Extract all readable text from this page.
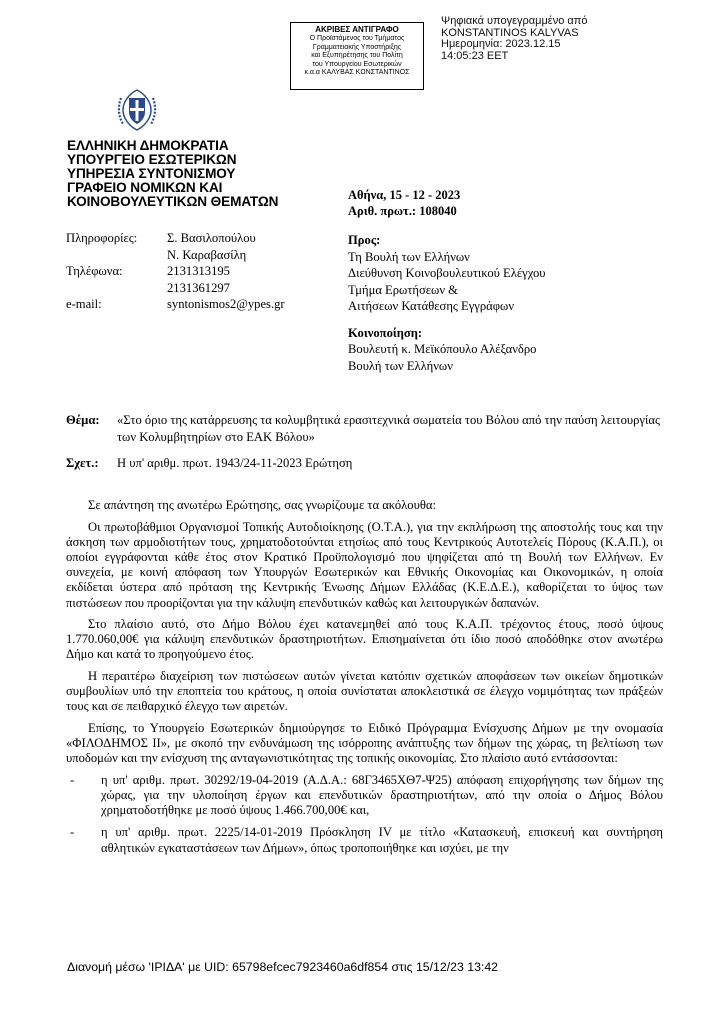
ΑΚΡΙΒΕΣ ΑΝΤΙΓΡΑΦΟ
Ο Προϊστάμενος του Τμήματος
Γραμματειακής Υποστήριξης
και Εξυπηρέτησης του Πολίτη
του Υπουργείου Εσωτερικών
κ.α.α ΚΑΛΥΒΑΣ ΚΩΝΣΤΑΝΤΙΝΟΣ
Ψηφιακά υπογεγραμμένο από
KONSTANTINOS KALYVAS
Ημερομηνία: 2023.12.15
14:05:23 EET
ΕΛΛΗΝΙΚΗ ΔΗΜΟΚΡΑΤΙΑ
ΥΠΟΥΡΓΕΙΟ ΕΣΩΤΕΡΙΚΩΝ
ΥΠΗΡΕΣΙΑ ΣΥΝΤΟΝΙΣΜΟΥ
ΓΡΑΦΕΙΟ ΝΟΜΙΚΩΝ ΚΑΙ
ΚΟΙΝΟΒΟΥΛΕΥΤΙΚΩΝ ΘΕΜΑΤΩΝ	Αθήνα, 15 - 12 - 2023
Αριθ. πρωτ.: 108040
Πληροφορίες:	Σ. Βασιλοπούλου
Ν. Καραβασίλη
Τηλέφωνα:	2131313195
2131361297
e-mail:	syntonismos2@ypes.gr
Προς:
Τη Βουλή των Ελλήνων
Διεύθυνση Κοινοβουλευτικού Ελέγχου
Τμήμα Ερωτήσεων &
Αιτήσεων Κατάθεσης Εγγράφων
Κοινοποίηση:
Βουλευτή κ. Μεϊκόπουλο Αλέξανδρο
Βουλή των Ελλήνων
Θέμα:	«Στο όριο της κατάρρευσης τα κολυμβητικά ερασιτεχνικά σωματεία του Βόλου από την παύση λειτουργίας των Κολυμβητηρίων στο ΕΑΚ Βόλου»
Σχετ.:	Η υπ' αριθμ. πρωτ. 1943/24-11-2023 Ερώτηση

Σε απάντηση της ανωτέρω Ερώτησης, σας γνωρίζουμε τα ακόλουθα:

Οι πρωτοβάθμιοι Οργανισμοί Τοπικής Αυτοδιοίκησης (Ο.Τ.Α.), για την εκπλήρωση της αποστολής τους και την άσκηση των αρμοδιοτήτων τους, χρηματοδοτούνται ετησίως από τους Κεντρικούς Αυτοτελείς Πόρους (Κ.Α.Π.), οι οποίοι εγγράφονται κάθε έτος στον Κρατικό Προϋπολογισμό που ψηφίζεται από τη Βουλή των Ελλήνων. Εν συνεχεία, με κοινή απόφαση των Υπουργών Εσωτερικών και Εθνικής Οικονομίας και Οικονομικών, η οποία εκδίδεται ύστερα από πρόταση της Κεντρικής Ένωσης Δήμων Ελλάδας (Κ.Ε.Δ.Ε.), καθορίζεται το ύψος των πιστώσεων που προορίζονται για την κάλυψη επενδυτικών καθώς και λειτουργικών δαπανών.

Στο πλαίσιο αυτό, στο Δήμο Βόλου έχει κατανεμηθεί από τους Κ.Α.Π. τρέχοντος έτους, ποσό ύψους 1.770.060,00€ για κάλυψη επενδυτικών δραστηριοτήτων. Επισημαίνεται ότι ίδιο ποσό αποδόθηκε στον ανωτέρω Δήμο και κατά το προηγούμενο έτος.

Η περαιτέρω διαχείριση των πιστώσεων αυτών γίνεται κατόπιν σχετικών αποφάσεων των οικείων δημοτικών συμβουλίων υπό την εποπτεία του κράτους, η οποία συνίσταται αποκλειστικά σε έλεγχο νομιμότητας των πράξεών τους και σε πειθαρχικό έλεγχο των αιρετών.

Επίσης, το Υπουργείο Εσωτερικών δημιούργησε το Ειδικό Πρόγραμμα Ενίσχυσης Δήμων με την ονομασία «ΦΙΛΟΔΗΜΟΣ ΙΙ», με σκοπό την ενδυνάμωση της ισόρροπης ανάπτυξης των δήμων της χώρας, τη βελτίωση των υποδομών και την ενίσχυση της ανταγωνιστικότητας της τοπικής οικονομίας. Στο πλαίσιο αυτό εντάσσονται:

-	η υπ' αριθμ. πρωτ. 30292/19-04-2019 (Α.Δ.Α.: 68Γ3465ΧΘ7-Ψ25) απόφαση επιχορήγησης των δήμων της χώρας, για την υλοποίηση έργων και επενδυτικών δραστηριοτήτων, από την οποία ο Δήμος Βόλου χρηματοδοτήθηκε με ποσό ύψους 1.466.700,00€ και,
-	η υπ' αριθμ. πρωτ. 2225/14-01-2019 Πρόσκληση IV με τίτλο «Κατασκευή, επισκευή και συντήρηση αθλητικών εγκαταστάσεων των Δήμων», όπως τροποποιήθηκε και ισχύει, με την
Διανομή μέσω 'ΙΡΙΔΑ' με UID: 65798efcec7923460a6df854 στις 15/12/23 13:42
